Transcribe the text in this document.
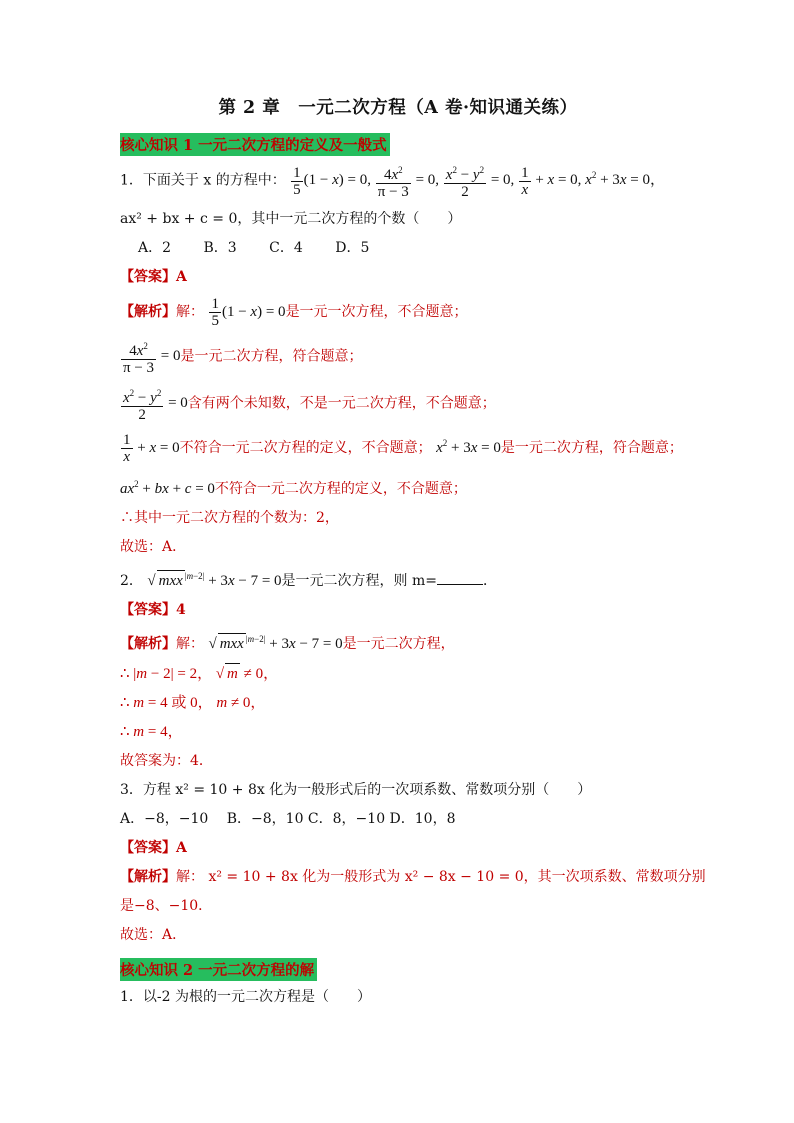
第 2 章　一元二次方程（A 卷·知识通关练）
核心知识 1 一元二次方程的定义及一般式
1．下面关于 x 的方程中： $\frac{1}{5} (1 - x) = 0$, $\frac{4x^2}{\pi - 3} = 0$, $\frac{x^2 - y^2}{2} = 0$, $\frac{1}{x} + x = 0$, $x^2 + 3x = 0$，
ax² + bx + c = 0，其中一元二次方程的个数（　　）
A．2 B．3 C．4 D．5
【答案】A
【解析】解： $\frac{1}{5} (1 - x) = 0$是一元一次方程，不合题意；
$\frac{4x^2}{\pi - 3} = 0$是一元二次方程，符合题意；
$\frac{x^2 - y^2}{2} = 0$含有两个未知数，不是一元二次方程，不合题意；
$\frac{1}{x} + x = 0$不符合一元二次方程的定义，不合题意； $x^2 + 3x = 0$是一元二次方程，符合题意；
$ax^2$ + bx + c = 0不符合一元二次方程的定义，不合题意；
∴其中一元二次方程的个数为：2，
故选：A．
2． √ mxx $^{|m-2|}$ + 3x − 7 = 0是一元二次方程，则 m=	．
【答案】4
【解析】解： √ mxx $^{|m-2|}$ + 3x − 7 = 0是一元二次方程，
∴ |m − 2| = 2， √ m ≠ 0，
∴ m = 4 或 0， m ≠ 0，
∴ m = 4，
故答案为：4．
3．方程 x² = 10 + 8x 化为一般形式后的一次项系数、常数项分别（　　）
A．−8，−10　 B．−8，10 C．8，−10 D．10，8
【答案】A
【解析】解： x² = 10 + 8x 化为一般形式为 x² − 8x − 10 = 0，其一次项系数、常数项分别
是−8、−10．
故选：A．
核心知识 2 一元二次方程的解
1．以-2 为根的一元二次方程是（　　）
